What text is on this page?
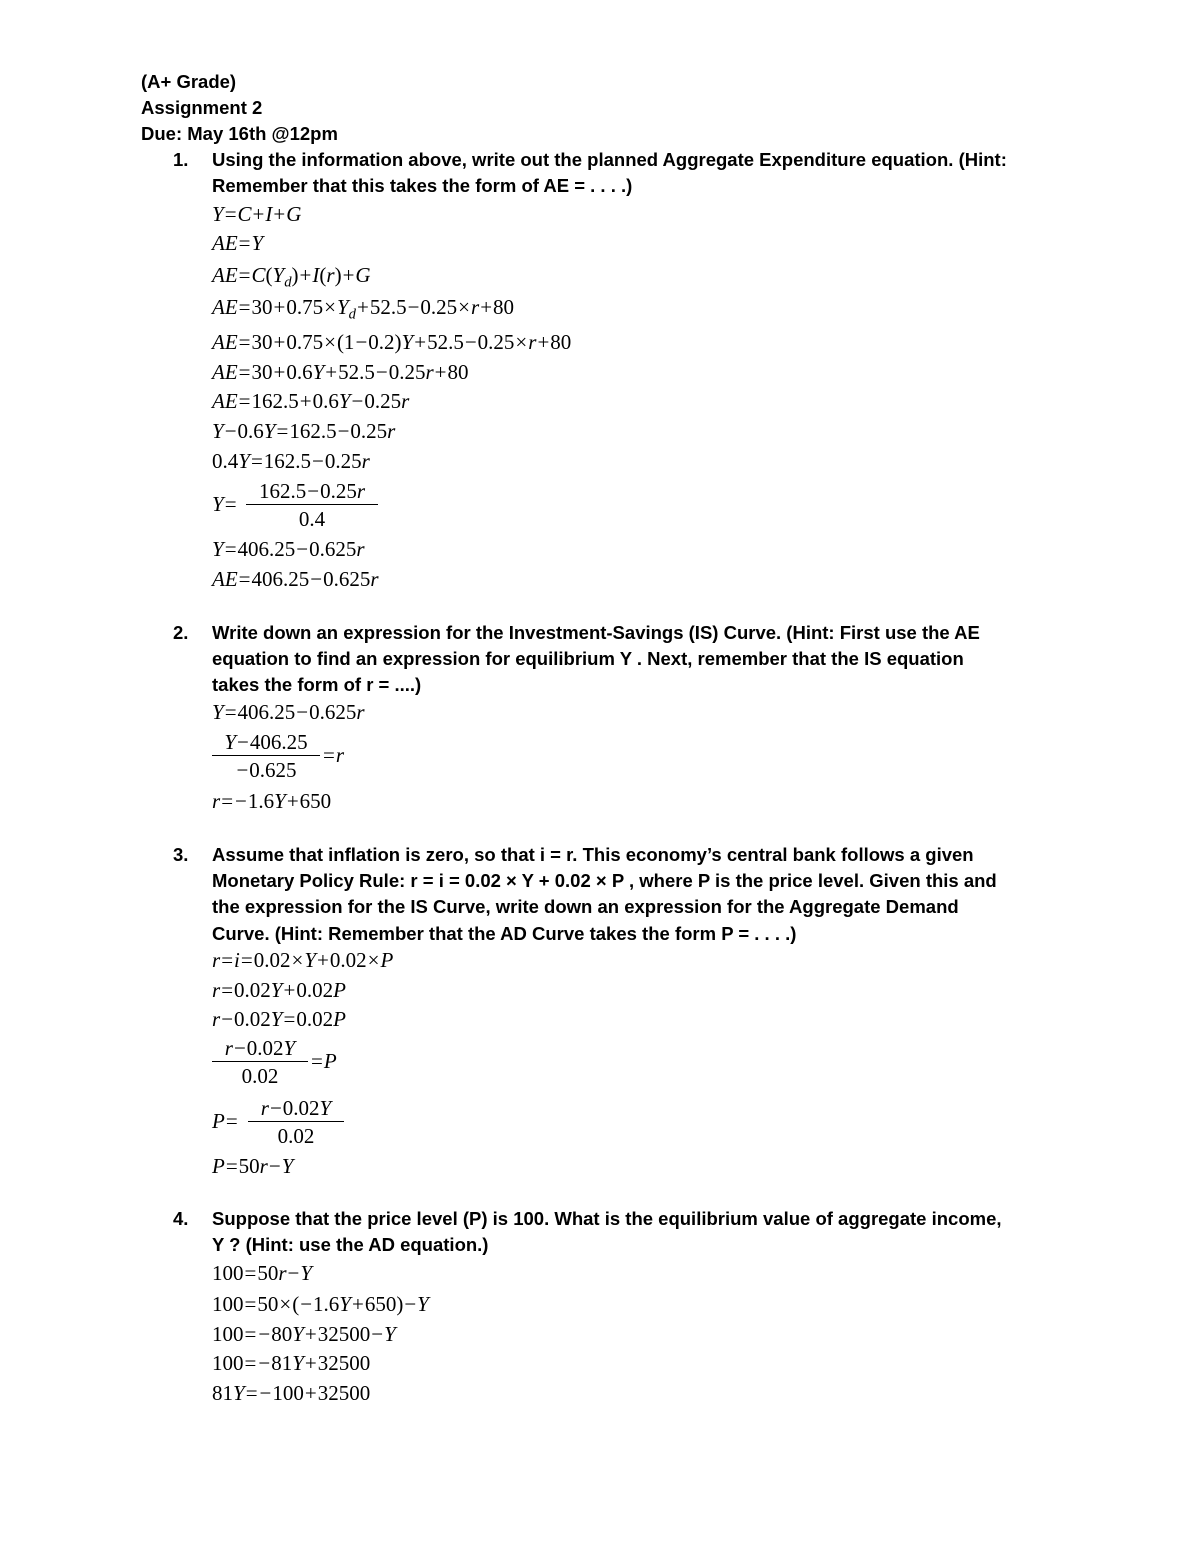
(A+ Grade)
Assignment 2
Due: May 16th @12pm
1. Using the information above, write out the planned Aggregate Expenditure equation. (Hint:
Remember that this takes the form of AE = . . . .)
Y=C+I+G
AE=Y
$AE=C(Y_d)+I(r)+G$
$AE=30+0.75\times Y_d+52.5-0.25\times r+80$
AE=30+0.75×(1−0.2)Y+52.5−0.25×r+80
AE=30+0.6Y+52.5−0.25r+80
AE=162.5+0.6Y−0.25r
Y−0.6Y=162.5−0.25r
0.4Y=162.5−0.25r
Y=
162.5−0.25r
0.4
Y=406.25−0.625r
AE=406.25−0.625r
2. Write down an expression for the Investment-Savings (IS) Curve. (Hint: First use the AE
equation to find an expression for equilibrium Y . Next, remember that the IS equation
takes the form of r = ....)
Y=406.25−0.625r
Y−406.25
−0.625
=r
r=−1.6Y+650
3. Assume that inflation is zero, so that i = r. This economy’s central bank follows a given
Monetary Policy Rule: r = i = 0.02 × Y + 0.02 × P , where P is the price level. Given this and
the expression for the IS Curve, write down an expression for the Aggregate Demand
Curve. (Hint: Remember that the AD Curve takes the form P = . . . .)
r=i=0.02×Y+0.02×P
r=0.02Y+0.02P
r−0.02Y=0.02P
r−0.02Y
0.02
=P
P=
r−0.02Y
0.02
P=50r−Y
4. Suppose that the price level (P) is 100. What is the equilibrium value of aggregate income,
Y ? (Hint: use the AD equation.)
100=50r−Y
100=50×(−1.6Y+650)−Y
100=−80Y+32500−Y
100=−81Y+32500
81Y=−100+32500
